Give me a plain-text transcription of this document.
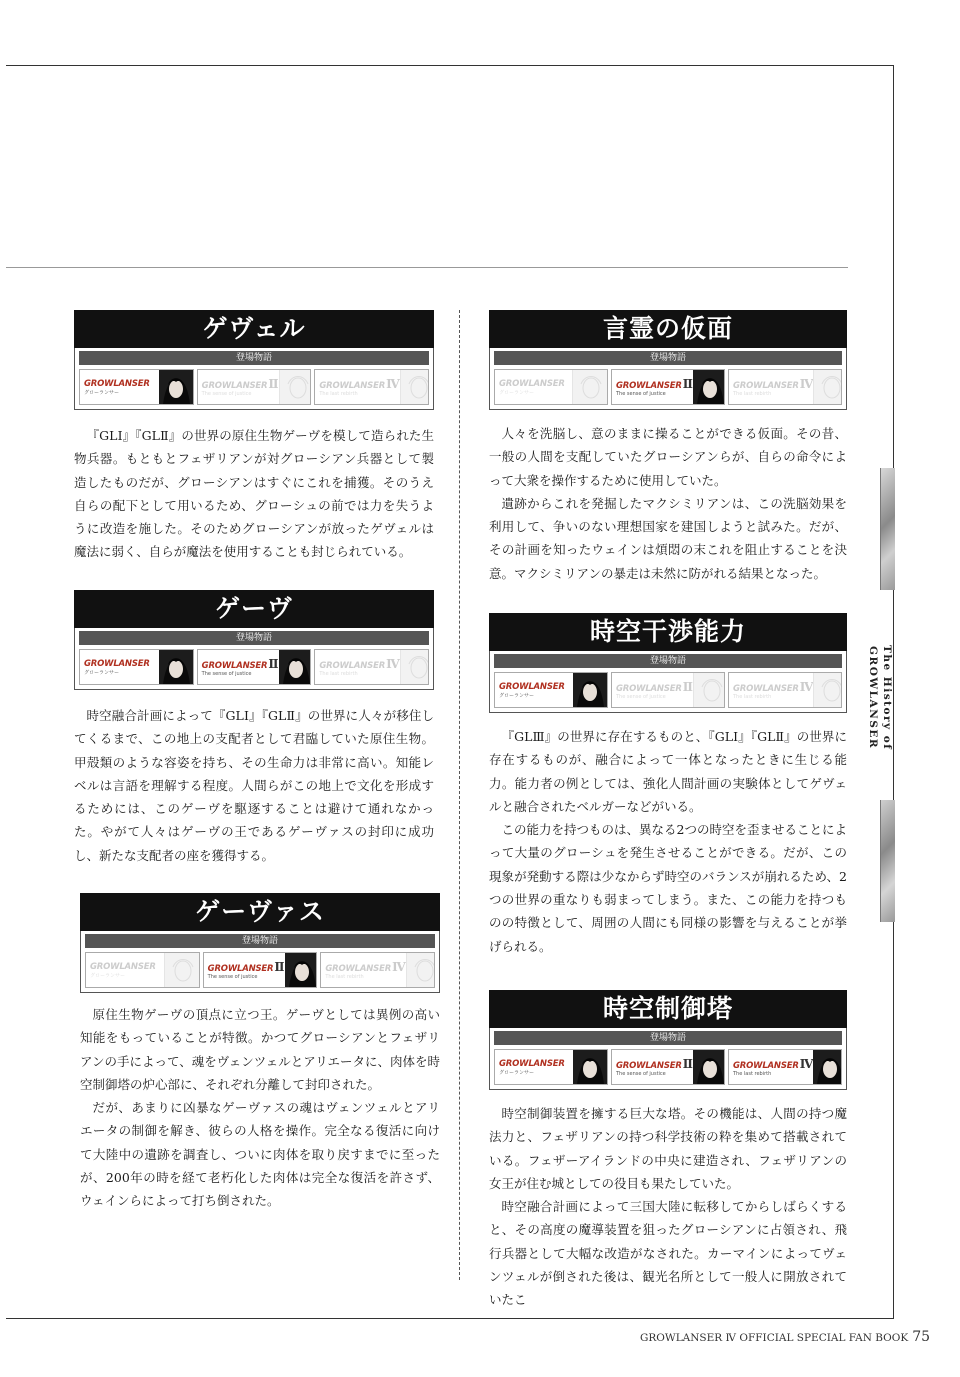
The History of GROWLANSER
ゲヴェル
登場物語
GROWLANSER
グローランサー
GROWLANSER Ⅱ
The sense of justice
GROWLANSER Ⅳ
The last rebirth

『GLⅠ』『GLⅡ』の世界の原住生物ゲーヴを模して造られた生物兵器。もともとフェザリアンが対グローシアン兵器として製造したものだが、グローシアンはすぐにこれを捕獲。そのうえ自らの配下として用いるため、グローシュの前では力を失うように改造を施した。そのためグローシアンが放ったゲヴェルは魔法に弱く、自らが魔法を使用することも封じられている。

ゲーヴ
登場物語
GROWLANSER
グローランサー
GROWLANSER Ⅱ
The sense of justice
GROWLANSER Ⅳ
The last rebirth

時空融合計画によって『GLⅠ』『GLⅡ』の世界に人々が移住してくるまで、この地上の支配者として君臨していた原住生物。甲殻類のような容姿を持ち、その生命力は非常に高い。知能レベルは言語を理解する程度。人間らがこの地上で文化を形成するためには、このゲーヴを駆逐することは避けて通れなかった。やがて人々はゲーヴの王であるゲーヴァスの封印に成功し、新たな支配者の座を獲得する。

ゲーヴァス
登場物語
GROWLANSER
グローランサー
GROWLANSER Ⅱ
The sense of justice
GROWLANSER Ⅳ
The last rebirth

原住生物ゲーヴの頂点に立つ王。ゲーヴとしては異例の高い知能をもっていることが特徴。かつてグローシアンとフェザリアンの手によって、魂をヴェンツェルとアリエータに、肉体を時空制御塔の炉心部に、それぞれ分離して封印された。

だが、あまりに凶暴なゲーヴァスの魂はヴェンツェルとアリエータの制御を解き、彼らの人格を操作。完全なる復活に向けて大陸中の遺跡を調査し、ついに肉体を取り戻すまでに至ったが、200年の時を経て老朽化した肉体は完全な復活を許さず、ウェインらによって打ち倒された。

言霊の仮面
登場物語
GROWLANSER
グローランサー
GROWLANSER Ⅱ
The sense of justice
GROWLANSER Ⅳ
The last rebirth

人々を洗脳し、意のままに操ることができる仮面。その昔、一般の人間を支配していたグローシアンらが、自らの命令によって大衆を操作するために使用していた。

遺跡からこれを発掘したマクシミリアンは、この洗脳効果を利用して、争いのない理想国家を建国しようと試みた。だが、その計画を知ったウェインは煩悶の末これを阻止することを決意。マクシミリアンの暴走は未然に防がれる結果となった。

時空干渉能力
登場物語
GROWLANSER
グローランサー
GROWLANSER Ⅱ
The sense of justice
GROWLANSER Ⅳ
The last rebirth

『GLⅢ』の世界に存在するものと、『GLⅠ』『GLⅡ』の世界に存在するものが、融合によって一体となったときに生じる能力。能力者の例としては、強化人間計画の実験体としてゲヴェルと融合されたベルガーなどがいる。

この能力を持つものは、異なる2つの時空を歪ませることによって大量のグローシュを発生させることができる。だが、この現象が発動する際は少なからず時空のバランスが崩れるため、2つの世界の重なりも弱まってしまう。また、この能力を持つものの特徴として、周囲の人間にも同様の影響を与えることが挙げられる。

時空制御塔
登場物語
GROWLANSER
グローランサー
GROWLANSER Ⅱ
The sense of justice
GROWLANSER Ⅳ
The last rebirth

時空制御装置を擁する巨大な塔。その機能は、人間の持つ魔法力と、フェザリアンの持つ科学技術の粋を集めて搭載されている。フェザーアイランドの中央に建造され、フェザリアンの女王が住む城としての役目も果たしていた。

時空融合計画によって三国大陸に転移してからしばらくすると、その高度の魔導装置を狙ったグローシアンに占領され、飛行兵器として大幅な改造がなされた。カーマインによってヴェンツェルが倒された後は、観光名所として一般人に開放されていたこ

GROWLANSER Ⅳ OFFICIAL SPECIAL FAN BOOK 75
